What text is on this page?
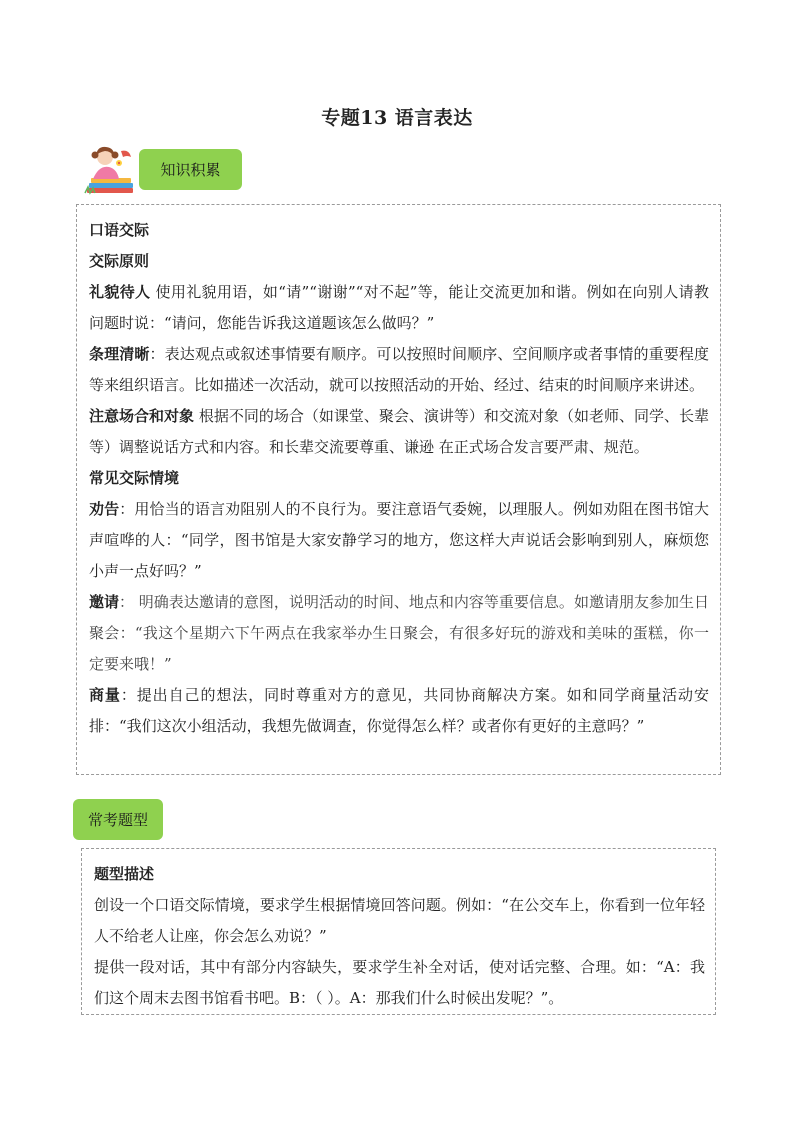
专题13 语言表达
知识积累

口语交际

交际原则

礼貌待人 使用礼貌用语，如“请”“谢谢”“对不起”等，能让交流更加和谐。例如在向别人请教问题时说：“请问，您能告诉我这道题该怎么做吗？”

条理清晰：表达观点或叙述事情要有顺序。可以按照时间顺序、空间顺序或者事情的重要程度等来组织语言。比如描述一次活动，就可以按照活动的开始、经过、结束的时间顺序来讲述。

注意场合和对象 根据不同的场合（如课堂、聚会、演讲等）和交流对象（如老师、同学、长辈等）调整说话方式和内容。和长辈交流要尊重、谦逊 在正式场合发言要严肃、规范。

常见交际情境

劝告：用恰当的语言劝阻别人的不良行为。要注意语气委婉，以理服人。例如劝阻在图书馆大声喧哗的人：“同学，图书馆是大家安静学习的地方，您这样大声说话会影响到别人，麻烦您小声一点好吗？”

邀请： 明确表达邀请的意图，说明活动的时间、地点和内容等重要信息。如邀请朋友参加生日聚会：“我这个星期六下午两点在我家举办生日聚会，有很多好玩的游戏和美味的蛋糕，你一定要来哦！”

商量：提出自己的想法，同时尊重对方的意见，共同协商解决方案。如和同学商量活动安排：“我们这次小组活动，我想先做调查，你觉得怎么样？或者你有更好的主意吗？”

常考题型

题型描述

创设一个口语交际情境，要求学生根据情境回答问题。例如：“在公交车上，你看到一位年轻人不给老人让座，你会怎么劝说？”

提供一段对话，其中有部分内容缺失，要求学生补全对话，使对话完整、合理。如：“A：我们这个周末去图书馆看书吧。B：（ ）。A：那我们什么时候出发呢？”。
